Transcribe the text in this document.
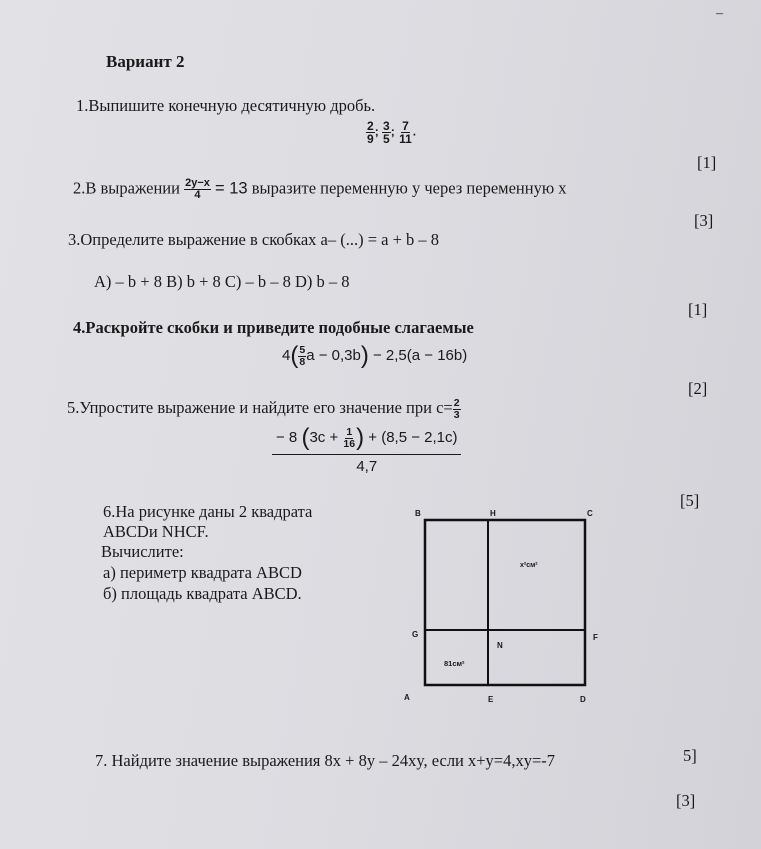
–
Вариант 2
1.Выпишите конечную десятичную дробь.
$\frac{2}{9}$ ; $\frac{3}{5}$ ; $\frac{7}{11}$ .
[1]
2.В выражении $\frac{2y-x}{4} = 13$ выразите переменную у через переменную х
[3]
3.Определите выражение в скобках а– (...) = а + b – 8
А) – b + 8 B) b + 8 C) – b – 8 D) b – 8
[1]
4.Раскройте скобки и приведите подобные слагаемые
$4( \frac{5}{8}$ a − 0,3b) − 2,5(a − 16b)
[2]
5.Упростите выражение и найдите его значение при $с= \frac{2}{3}$
$\frac{- 8 (3c + \frac{1}{16} ) + (8,5 - 2,1c)}{4,7}$
[5]
6.На рисунке даны 2 квадрата
ABCDи NHCF.
Вычислите:
а) периметр квадрата ABCD
б) площадь квадрата ABCD.
B	H	C
G	F
N
A	E	D
x²см²
81см²
7. Найдите значение выражения 8x + 8y – 24xy, если x+y=4,xy=-7	5]
[3]
